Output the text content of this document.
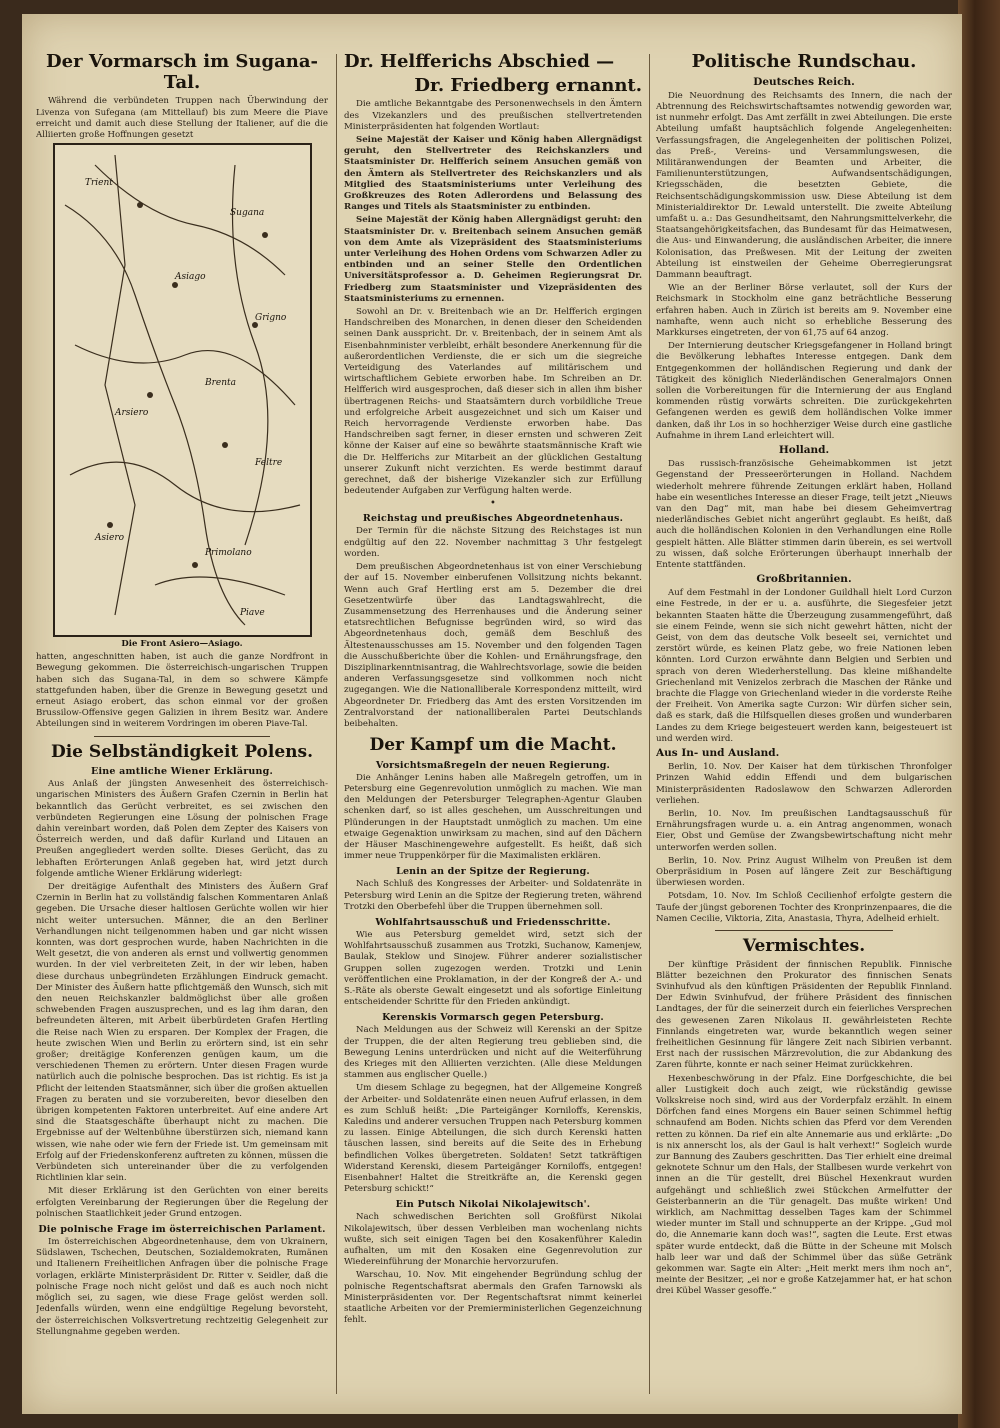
Der Vormarsch im Sugana-Tal.

Während die verbündeten Truppen nach Überwindung der Livenza von Sufegana (am Mittellauf) bis zum Meere die Piave erreicht und damit auch diese Stellung der Italiener, auf die die Alliierten große Hoffnungen gesetzt

Asiago
Asiero
Piave
Brenta
Sugana
Trient
Arsiero
Grigno
Feltre
Primolano
Die Front Asiero—Asiago.

hatten, angeschnitten haben, ist auch die ganze Nordfront in Bewegung gekommen. Die österreichisch-ungarischen Truppen haben sich das Sugana-Tal, in dem so schwere Kämpfe stattgefunden haben, über die Grenze in Bewegung gesetzt und erneut Asiago erobert, das schon einmal vor der großen Brussilow-Offensive gegen Galizien in ihrem Besitz war. Andere Abteilungen sind in weiterem Vordringen im oberen Piave-Tal.

Die Selbständigkeit Polens.
Eine amtliche Wiener Erklärung.

Aus Anlaß der jüngsten Anwesenheit des österreichisch-ungarischen Ministers des Äußern Grafen Czernin in Berlin hat bekanntlich das Gerücht verbreitet, es sei zwischen den verbündeten Regierungen eine Lösung der polnischen Frage dahin vereinbart worden, daß Polen dem Zepter des Kaisers von Österreich werden, und daß dafür Kurland und Litauen an Preußen angegliedert werden sollte. Dieses Gerücht, das zu lebhaften Erörterungen Anlaß gegeben hat, wird jetzt durch folgende amtliche Wiener Erklärung widerlegt:

Der dreitägige Aufenthalt des Ministers des Äußern Graf Czernin in Berlin hat zu vollständig falschen Kommentaren Anlaß gegeben. Die Ursache dieser haltlosen Gerüchte wollen wir hier nicht weiter untersuchen. Männer, die an den Berliner Verhandlungen nicht teilgenommen haben und gar nicht wissen konnten, was dort gesprochen wurde, haben Nachrichten in die Welt gesetzt, die von anderen als ernst und vollwertig genommen wurden. In der viel verbreiteten Zeit, in der wir leben, haben diese durchaus unbegründeten Erzählungen Eindruck gemacht. Der Minister des Äußern hatte pflichtgemäß den Wunsch, sich mit den neuen Reichskanzler baldmöglichst über alle großen schwebenden Fragen auszusprechen, und es lag ihm daran, den befreundeten älteren, mit Arbeit überbürdeten Grafen Hertling die Reise nach Wien zu ersparen. Der Komplex der Fragen, die heute zwischen Wien und Berlin zu erörtern sind, ist ein sehr großer; dreitägige Konferenzen genügen kaum, um die verschiedenen Themen zu erörtern. Unter diesen Fragen wurde natürlich auch die polnische besprochen. Das ist richtig. Es ist ja Pflicht der leitenden Staatsmänner, sich über die großen aktuellen Fragen zu beraten und sie vorzubereiten, bevor dieselben den übrigen kompetenten Faktoren unterbreitet. Auf eine andere Art sind die Staatsgeschäfte überhaupt nicht zu machen. Die Ergebnisse auf der Weltenbühne überstürzen sich, niemand kann wissen, wie nahe oder wie fern der Friede ist. Um gemeinsam mit Erfolg auf der Friedenskonferenz auftreten zu können, müssen die Verbündeten sich untereinander über die zu verfolgenden Richtlinien klar sein.

Mit dieser Erklärung ist den Gerüchten von einer bereits erfolgten Vereinbarung der Regierungen über die Regelung der polnischen Staatlichkeit jeder Grund entzogen.

Die polnische Frage im österreichischen Parlament.

Im österreichischen Abgeordnetenhause, dem von Ukrainern, Südslawen, Tschechen, Deutschen, Sozialdemokraten, Rumänen und Italienern Freiheitlichen Anfragen über die polnische Frage vorlagen, erklärte Ministerpräsident Dr. Ritter v. Seidler, daß die polnische Frage noch nicht gelöst und daß es auch noch nicht möglich sei, zu sagen, wie diese Frage gelöst werden soll. Jedenfalls würden, wenn eine endgültige Regelung bevorsteht, der österreichischen Volksvertretung rechtzeitig Gelegenheit zur Stellungnahme gegeben werden.

Dr. Helfferichs Abschied —
Dr. Friedberg ernannt.

Die amtliche Bekanntgabe des Personenwechsels in den Ämtern des Vizekanzlers und des preußischen stellvertretenden Ministerpräsidenten hat folgenden Wortlaut:

Seine Majestät der Kaiser und König haben Allergnädigst geruht, den Stellvertreter des Reichskanzlers und Staatsminister Dr. Helfferich seinem Ansuchen gemäß von den Ämtern als Stellvertreter des Reichskanzlers und als Mitglied des Staatsministeriums unter Verleihung des Großkreuzes des Roten Adlerordens und Belassung des Ranges und Titels als Staatsminister zu entbinden.

Seine Majestät der König haben Allergnädigst geruht: den Staatsminister Dr. v. Breitenbach seinem Ansuchen gemäß von dem Amte als Vizepräsident des Staatsministeriums unter Verleihung des Hohen Ordens vom Schwarzen Adler zu entbinden und an seiner Stelle den Ordentlichen Universitätsprofessor a. D. Geheimen Regierungsrat Dr. Friedberg zum Staatsminister und Vizepräsidenten des Staatsministeriums zu ernennen.

Sowohl an Dr. v. Breitenbach wie an Dr. Helfferich ergingen Handschreiben des Monarchen, in denen dieser den Scheidenden seinen Dank ausspricht. Dr. v. Breitenbach, der in seinem Amt als Eisenbahnminister verbleibt, erhält besondere Anerkennung für die außerordentlichen Verdienste, die er sich um die siegreiche Verteidigung des Vaterlandes auf militärischem und wirtschaftlichem Gebiete erworben habe. Im Schreiben an Dr. Helfferich wird ausgesprochen, daß dieser sich in allen ihm bisher übertragenen Reichs- und Staatsämtern durch vorbildliche Treue und erfolgreiche Arbeit ausgezeichnet und sich um Kaiser und Reich hervorragende Verdienste erworben habe. Das Handschreiben sagt ferner, in dieser ernsten und schweren Zeit könne der Kaiser auf eine so bewährte staatsmännische Kraft wie die Dr. Helfferichs zur Mitarbeit an der glücklichen Gestaltung unserer Zukunft nicht verzichten. Es werde bestimmt darauf gerechnet, daß der bisherige Vizekanzler sich zur Erfüllung bedeutender Aufgaben zur Verfügung halten werde.

•
Reichstag und preußisches Abgeordnetenhaus.

Der Termin für die nächste Sitzung des Reichstages ist nun endgültig auf den 22. November nachmittag 3 Uhr festgelegt worden.

Dem preußischen Abgeordnetenhaus ist von einer Verschiebung der auf 15. November einberufenen Vollsitzung nichts bekannt. Wenn auch Graf Hertling erst am 5. Dezember die drei Gesetzentwürfe über das Landtagswahlrecht, die Zusammensetzung des Herrenhauses und die Änderung seiner etatsrechtlichen Befugnisse begründen wird, so wird das Abgeordnetenhaus doch, gemäß dem Beschluß des Ältestenausschusses am 15. November und den folgenden Tagen die Ausschußberichte über die Kohlen- und Ernährungsfrage, den Disziplinarkenntnisantrag, die Wahlrechtsvorlage, sowie die beiden anderen Verfassungsgesetze sind vollkommen noch nicht zugegangen. Wie die Nationalliberale Korrespondenz mitteilt, wird Abgeordneter Dr. Friedberg das Amt des ersten Vorsitzenden im Zentralvorstand der nationalliberalen Partei Deutschlands beibehalten.

Der Kampf um die Macht.
Vorsichtsmaßregeln der neuen Regierung.

Die Anhänger Lenins haben alle Maßregeln getroffen, um in Petersburg eine Gegenrevolution unmöglich zu machen. Wie man den Meldungen der Petersburger Telegraphen-Agentur Glauben schenken darf, so ist alles geschehen, um Ausschreitungen und Plünderungen in der Hauptstadt unmöglich zu machen. Um eine etwaige Gegenaktion unwirksam zu machen, sind auf den Dächern der Häuser Maschinengewehre aufgestellt. Es heißt, daß sich immer neue Truppenkörper für die Maximalisten erklären.

Lenin an der Spitze der Regierung.

Nach Schluß des Kongresses der Arbeiter- und Soldatenräte in Petersburg wird Lenin an die Spitze der Regierung treten, während Trotzki den Oberbefehl über die Truppen übernehmen soll.

Wohlfahrtsausschuß und Friedensschritte.

Wie aus Petersburg gemeldet wird, setzt sich der Wohlfahrtsausschuß zusammen aus Trotzki, Suchanow, Kamenjew, Baulak, Steklow und Sinojew. Führer anderer sozialistischer Gruppen sollen zugezogen werden. Trotzki und Lenin veröffentlichen eine Proklamation, in der der Kongreß der A.- und S.-Räte als oberste Gewalt eingesetzt und als sofortige Einleitung entscheidender Schritte für den Frieden ankündigt.

Kerenskis Vormarsch gegen Petersburg.

Nach Meldungen aus der Schweiz will Kerenski an der Spitze der Truppen, die der alten Regierung treu geblieben sind, die Bewegung Lenins unterdrücken und nicht auf die Weiterführung des Krieges mit den Alliierten verzichten. (Alle diese Meldungen stammen aus englischer Quelle.)

Um diesem Schlage zu begegnen, hat der Allgemeine Kongreß der Arbeiter- und Soldatenräte einen neuen Aufruf erlassen, in dem es zum Schluß heißt: „Die Parteigänger Korniloffs, Kerenskis, Kaledins und anderer versuchen Truppen nach Petersburg kommen zu lassen. Einige Abteilungen, die sich durch Kerenski hatten täuschen lassen, sind bereits auf die Seite des in Erhebung befindlichen Volkes übergetreten. Soldaten! Setzt tatkräftigen Widerstand Kerenski, diesem Parteigänger Korniloffs, entgegen! Eisenbahner! Haltet die Streitkräfte an, die Kerenski gegen Petersburg schickt!“

Ein Putsch Nikolai Nikolajewitsch'.

Nach schwedischen Berichten soll Großfürst Nikolai Nikolajewitsch, über dessen Verbleiben man wochenlang nichts wußte, sich seit einigen Tagen bei den Kosakenführer Kaledin aufhalten, um mit den Kosaken eine Gegenrevolution zur Wiedereinführung der Monarchie hervorzurufen.

Warschau, 10. Nov. Mit eingehender Begründung schlug der polnische Regentschaftsrat abermals den Grafen Tarnowski als Ministerpräsidenten vor. Der Regentschaftsrat nimmt keinerlei staatliche Arbeiten vor der Premierministerlichen Gegenzeichnung fehlt.

Politische Rundschau.
Deutsches Reich.

Die Neuordnung des Reichsamts des Innern, die nach der Abtrennung des Reichswirtschaftsamtes notwendig geworden war, ist nunmehr erfolgt. Das Amt zerfällt in zwei Abteilungen. Die erste Abteilung umfaßt hauptsächlich folgende Angelegenheiten: Verfassungsfragen, die Angelegenheiten der politischen Polizei, das Preß-, Vereins- und Versammlungswesen, die Militäranwendungen der Beamten und Arbeiter, die Familienunterstützungen, Aufwandsentschädigungen, Kriegsschäden, die besetzten Gebiete, die Reichsentschädigungskommission usw. Diese Abteilung ist dem Ministerialdirektor Dr. Lewald unterstellt. Die zweite Abteilung umfaßt u. a.: Das Gesundheitsamt, den Nahrungsmittelverkehr, die Staatsangehörigkeitsfachen, das Bundesamt für das Heimatwesen, die Aus- und Einwanderung, die ausländischen Arbeiter, die innere Kolonisation, das Preßwesen. Mit der Leitung der zweiten Abteilung ist einstweilen der Geheime Oberregierungsrat Dammann beauftragt.

Wie an der Berliner Börse verlautet, soll der Kurs der Reichsmark in Stockholm eine ganz beträchtliche Besserung erfahren haben. Auch in Zürich ist bereits am 9. November eine namhafte, wenn auch nicht so erhebliche Besserung des Markkurses eingetreten, der von 61,75 auf 64 anzog.

Der Internierung deutscher Kriegsgefangener in Holland bringt die Bevölkerung lebhaftes Interesse entgegen. Dank dem Entgegenkommen der holländischen Regierung und dank der Tätigkeit des königlich Niederländischen Generalmajors Onnen sollen die Vorbereitungen für die Internierung der aus England kommenden rüstig vorwärts schreiten. Die zurückgekehrten Gefangenen werden es gewiß dem holländischen Volke immer danken, daß ihr Los in so hochherziger Weise durch eine gastliche Aufnahme in ihrem Land erleichtert will.

Holland.

Das russisch-französische Geheimabkommen ist jetzt Gegenstand der Presseerörterungen in Holland. Nachdem wiederholt mehrere führende Zeitungen erklärt haben, Holland habe ein wesentliches Interesse an dieser Frage, teilt jetzt „Nieuws van den Dag“ mit, man habe bei diesem Geheimvertrag niederländisches Gebiet nicht angerührt geglaubt. Es heißt, daß auch die holländischen Kolonien in den Verhandlungen eine Rolle gespielt hätten. Alle Blätter stimmen darin überein, es sei wertvoll zu wissen, daß solche Erörterungen überhaupt innerhalb der Entente stattfänden.

Großbritannien.

Auf dem Festmahl in der Londoner Guildhall hielt Lord Curzon eine Festrede, in der er u. a. ausführte, die Siegesfeier jetzt bekannten Staaten hätte die Überzeugung zusammengeführt, daß sie einem Feinde, wenn sie sich nicht gewehrt hätten, nicht der Geist, von dem das deutsche Volk beseelt sei, vernichtet und zerstört würde, es keinen Platz gebe, wo freie Nationen leben könnten. Lord Curzon erwähnte dann Belgien und Serbien und sprach von deren Wiederherstellung. Das kleine mißhandelte Griechenland mit Venizelos zerbrach die Maschen der Ränke und brachte die Flagge von Griechenland wieder in die vorderste Reihe der Freiheit. Von Amerika sagte Curzon: Wir dürfen sicher sein, daß es stark, daß die Hilfsquellen dieses großen und wunderbaren Landes zu dem Kriege beigesteuert werden kann, beigesteuert ist und werden wird.

Aus In- und Ausland.

Berlin, 10. Nov. Der Kaiser hat dem türkischen Thronfolger Prinzen Wahid eddin Effendi und dem bulgarischen Ministerpräsidenten Radoslawow den Schwarzen Adlerorden verliehen.

Berlin, 10. Nov. Im preußischen Landtagsausschuß für Ernährungsfragen wurde u. a. ein Antrag angenommen, wonach Eier, Obst und Gemüse der Zwangsbewirtschaftung nicht mehr unterworfen werden sollen.

Berlin, 10. Nov. Prinz August Wilhelm von Preußen ist dem Oberpräsidium in Posen auf längere Zeit zur Beschäftigung überwiesen worden.

Potsdam, 10. Nov. Im Schloß Cecilienhof erfolgte gestern die Taufe der jüngst geborenen Tochter des Kronprinzenpaares, die die Namen Cecilie, Viktoria, Zita, Anastasia, Thyra, Adelheid erhielt.

Vermischtes.

Der künftige Präsident der finnischen Republik. Finnische Blätter bezeichnen den Prokurator des finnischen Senats Svinhufvud als den künftigen Präsidenten der Republik Finnland. Der Edwin Svinhufvud, der frühere Präsident des finnischen Landtages, der für die seinerzeit durch ein feierliches Versprechen des gewesenen Zaren Nikolaus II. gewährleisteten Rechte Finnlands eingetreten war, wurde bekanntlich wegen seiner freiheitlichen Gesinnung für längere Zeit nach Sibirien verbannt. Erst nach der russischen Märzrevolution, die zur Abdankung des Zaren führte, konnte er nach seiner Heimat zurückkehren.

Hexenbeschwörung in der Pfalz. Eine Dorfgeschichte, die bei aller Lustigkeit doch auch zeigt, wie rückständig gewisse Volkskreise noch sind, wird aus der Vorderpfalz erzählt. In einem Dörfchen fand eines Morgens ein Bauer seinen Schimmel heftig schnaufend am Boden. Nichts schien das Pferd vor dem Verenden retten zu können. Da rief ein alte Annemarie aus und erklärte: „Do is nix annerscht los, als der Gaul is halt verhext!“ Sogleich wurde zur Bannung des Zaubers geschritten. Das Tier erhielt eine dreimal geknotete Schnur um den Hals, der Stallbesen wurde verkehrt von innen an die Tür gestellt, drei Büschel Hexenkraut wurden aufgehängt und schließlich zwei Stückchen Armelfutter der Geisterbannerin an die Tür genagelt. Das mußte wirken! Und wirklich, am Nachmittag desselben Tages kam der Schimmel wieder munter im Stall und schnupperte an der Krippe. „Gud mol do, die Annemarie kann doch was!“, sagten die Leute. Erst etwas später wurde entdeckt, daß die Bütte in der Scheune mit Molsch halb leer war und daß der Schimmel über das süße Getränk gekommen war. Sagte ein Alter: „Heit merkt mers ihm noch an“, meinte der Besitzer, „ei nor e große Katzejammer hat, er hat schon drei Kübel Wasser gesoffe.“
